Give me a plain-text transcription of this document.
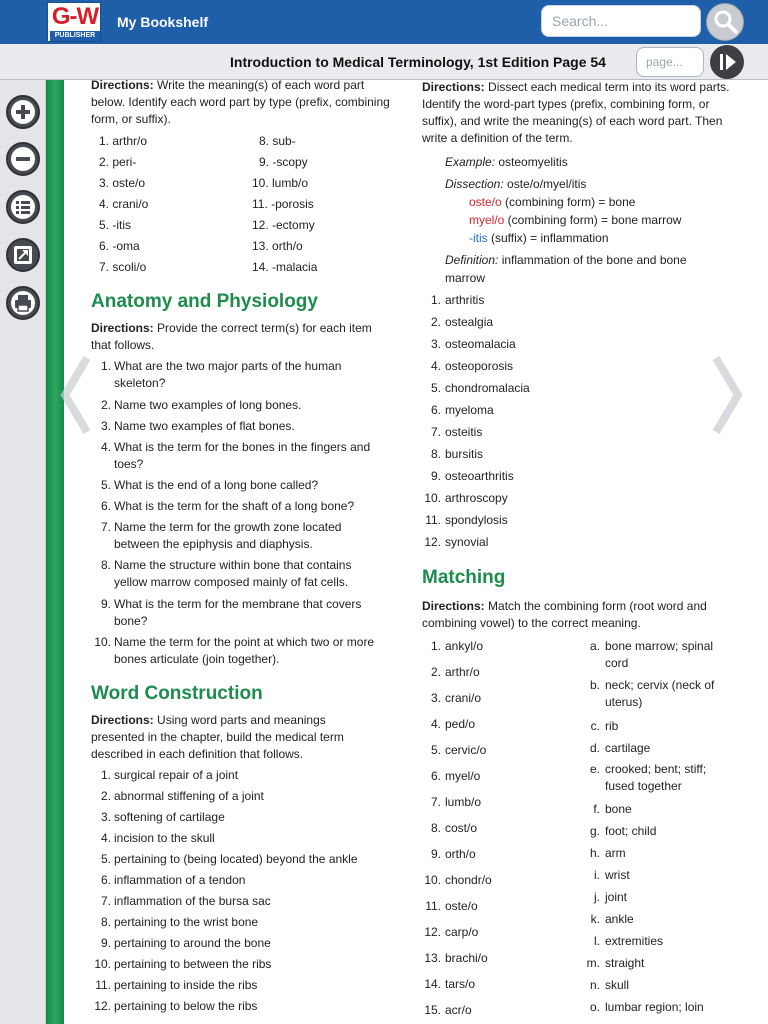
G-W
PUBLISHER
My Bookshelf
Search...
Introduction to Medical Terminology, 1st Edition Page 54
page...
Directions: Write the meaning(s) of each word part below. Identify each word part by type (prefix, combining form, or suffix).
Anatomy and Physiology
Directions: Provide the correct term(s) for each item that follows.
Word Construction
Directions: Using word parts and meanings presented in the chapter, build the medical term described in each definition that follows.
Directions: Dissect each medical term into its word parts. Identify the word-part types (prefix, combining form, or suffix), and write the meaning(s) of each word part. Then write a definition of the term.
Example: osteomyelitis
Dissection: oste/o/myel/itis
oste/o (combining form) = bone
myel/o (combining form) = bone marrow
-itis (suffix) = inflammation
Definition: inflammation of the bone and bone
marrow
Matching
Directions: Match the combining form (root word and combining vowel) to the correct meaning.
1. arthr/o
2. peri-
3. oste/o
4. crani/o
5. -itis
6. -oma
7. scoli/o
8. sub-
9. -scopy
10. lumb/o
11. -porosis
12. -ectomy
13. orth/o
14. -malacia
1. What are the two major parts of the human
skeleton?
2. Name two examples of long bones.
3. Name two examples of flat bones.
4. What is the term for the bones in the fingers and
toes?
5. What is the end of a long bone called?
6. What is the term for the shaft of a long bone?
7. Name the term for the growth zone located
between the epiphysis and diaphysis.
8. Name the structure within bone that contains
yellow marrow composed mainly of fat cells.
9. What is the term for the membrane that covers
bone?
10. Name the term for the point at which two or more
bones articulate (join together).
1. surgical repair of a joint
2. abnormal stiffening of a joint
3. softening of cartilage
4. incision to the skull
5. pertaining to (being located) beyond the ankle
6. inflammation of a tendon
7. inflammation of the bursa sac
8. pertaining to the wrist bone
9. pertaining to around the bone
10. pertaining to between the ribs
11. pertaining to inside the ribs
12. pertaining to below the ribs
1. arthritis
2. ostealgia
3. osteomalacia
4. osteoporosis
5. chondromalacia
6. myeloma
7. osteitis
8. bursitis
9. osteoarthritis
10. arthroscopy
11. spondylosis
12. synovial
1. ankyl/o
2. arthr/o
3. crani/o
4. ped/o
5. cervic/o
6. myel/o
7. lumb/o
8. cost/o
9. orth/o
10. chondr/o
11. oste/o
12. carp/o
13. brachi/o
14. tars/o
15. acr/o
a. bone marrow; spinal
cord
b. neck; cervix (neck of
uterus)
c. rib
d. cartilage
e. crooked; bent; stiff;
fused together
f. bone
g. foot; child
h. arm
i. wrist
j. joint
k. ankle
l. extremities
m. straight
n. skull
o. lumbar region; loin
